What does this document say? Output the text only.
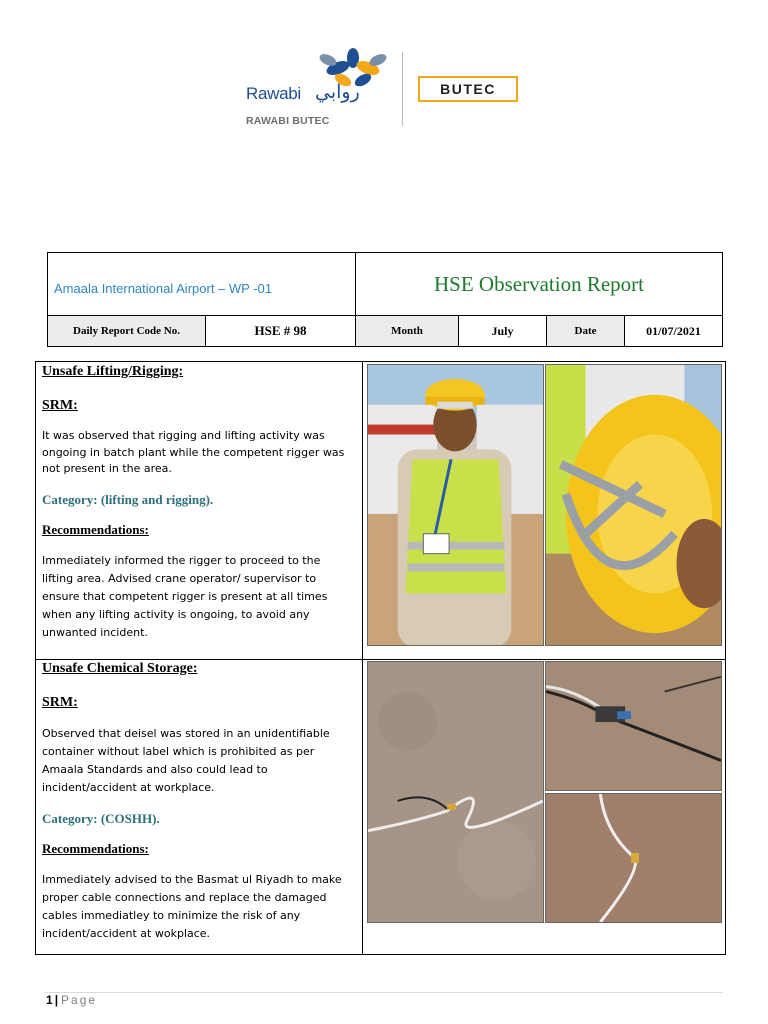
Rawabi روابي
RAWABI BUTEC
BUTEC
Amaala International Airport – WP -01	HSE Observation Report
Daily Report Code No.	HSE # 98	Month	July	Date	01/07/2021

Unsafe Lifting/Rigging:

SRM:

It was observed that rigging and lifting activity was ongoing in batch plant while the competent rigger was not present in the area.

Category: (lifting and rigging).

Recommendations:

Immediately informed the rigger to proceed to the lifting area. Advised crane operator/ supervisor to ensure that competent rigger is present at all times when any lifting activity is ongoing, to avoid any unwanted incident.

Unsafe Chemical Storage:

SRM:

Observed that deisel was stored in an unidentifiable container without label which is prohibited as per Amaala Standards and also could lead to incident/accident at workplace.

Category: (COSHH).

Recommendations:

Immediately advised to the Basmat ul Riyadh to make proper cable connections and replace the damaged cables immediatley to minimize the risk of any incident/accident at wokplace.

1 | Page
